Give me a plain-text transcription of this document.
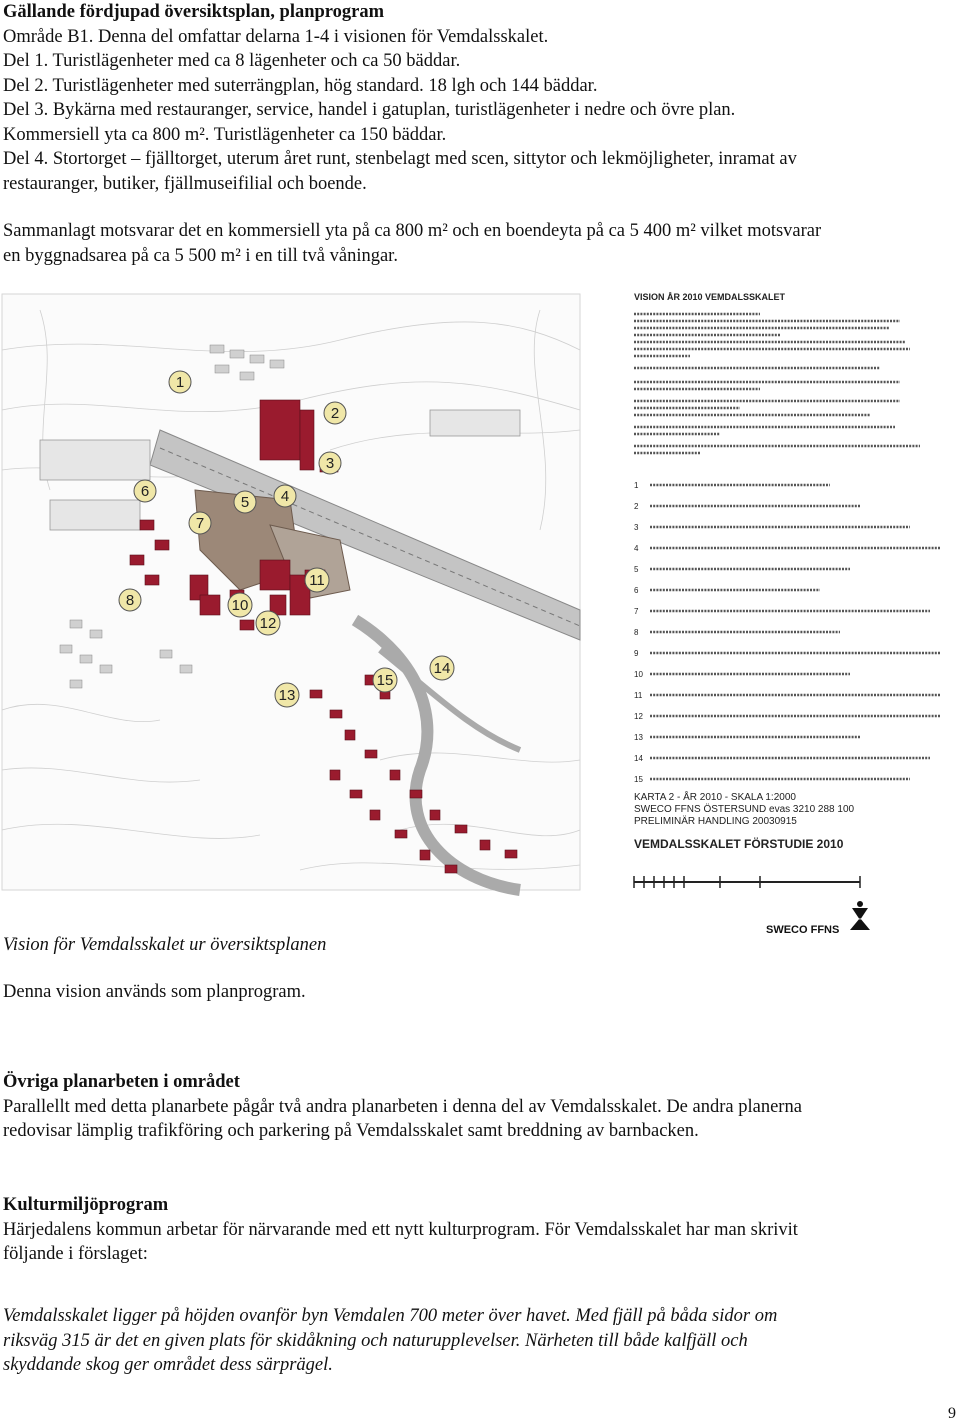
Gällande fördjupad översiktsplan, planprogram
Område B1. Denna del omfattar delarna 1-4 i visionen för Vemdalsskalet.
Del 1. Turistlägenheter med ca 8 lägenheter och ca 50 bäddar.
Del 2. Turistlägenheter med suterrängplan, hög standard. 18 lgh och 144 bäddar.
Del 3. Bykärna med restauranger, service, handel i gatuplan, turistlägenheter i nedre och övre plan.
Kommersiell yta ca 800 m². Turistlägenheter ca 150 bäddar.
Del 4. Stortorget – fjälltorget, uterum året runt, stenbelagt med scen, sittytor och lekmöjligheter, inramat av
restauranger, butiker, fjällmuseifilial och boende.
Sammanlagt motsvarar det en kommersiell yta på ca 800 m² och en boendeyta på ca 5 400 m² vilket motsvarar
en byggnadsarea på ca 5 500 m² i en till två våningar.
1
2
3
4
5
6
7
8	10
11
12
13
14
15
VISION ÅR 2010 VEMDALSSKALET
1
2
3
4
5
6
7
8
9
10
11
12
13
14
15
KARTA 2 - ÅR 2010 - SKALA 1:2000
SWECO FFNS ÖSTERSUND evas 3210 288 100
PRELIMINÄR HANDLING 20030915
VEMDALSSKALET FÖRSTUDIE 2010
SWECO FFNS
Vision för Vemdalsskalet ur översiktsplanen
Denna vision används som planprogram.
Övriga planarbeten i området
Parallellt med detta planarbete pågår två andra planarbeten i denna del av Vemdalsskalet. De andra planerna
redovisar lämplig trafikföring och parkering på Vemdalsskalet samt breddning av barnbacken.
Kulturmiljöprogram
Härjedalens kommun arbetar för närvarande med ett nytt kulturprogram. För Vemdalsskalet har man skrivit
följande i förslaget:
Vemdalsskalet ligger på höjden ovanför byn Vemdalen 700 meter över havet. Med fjäll på båda sidor om
riksväg 315 är det en given plats för skidåkning och naturupplevelser. Närheten till både kalfjäll och
skyddande skog ger området dess särprägel.
9
